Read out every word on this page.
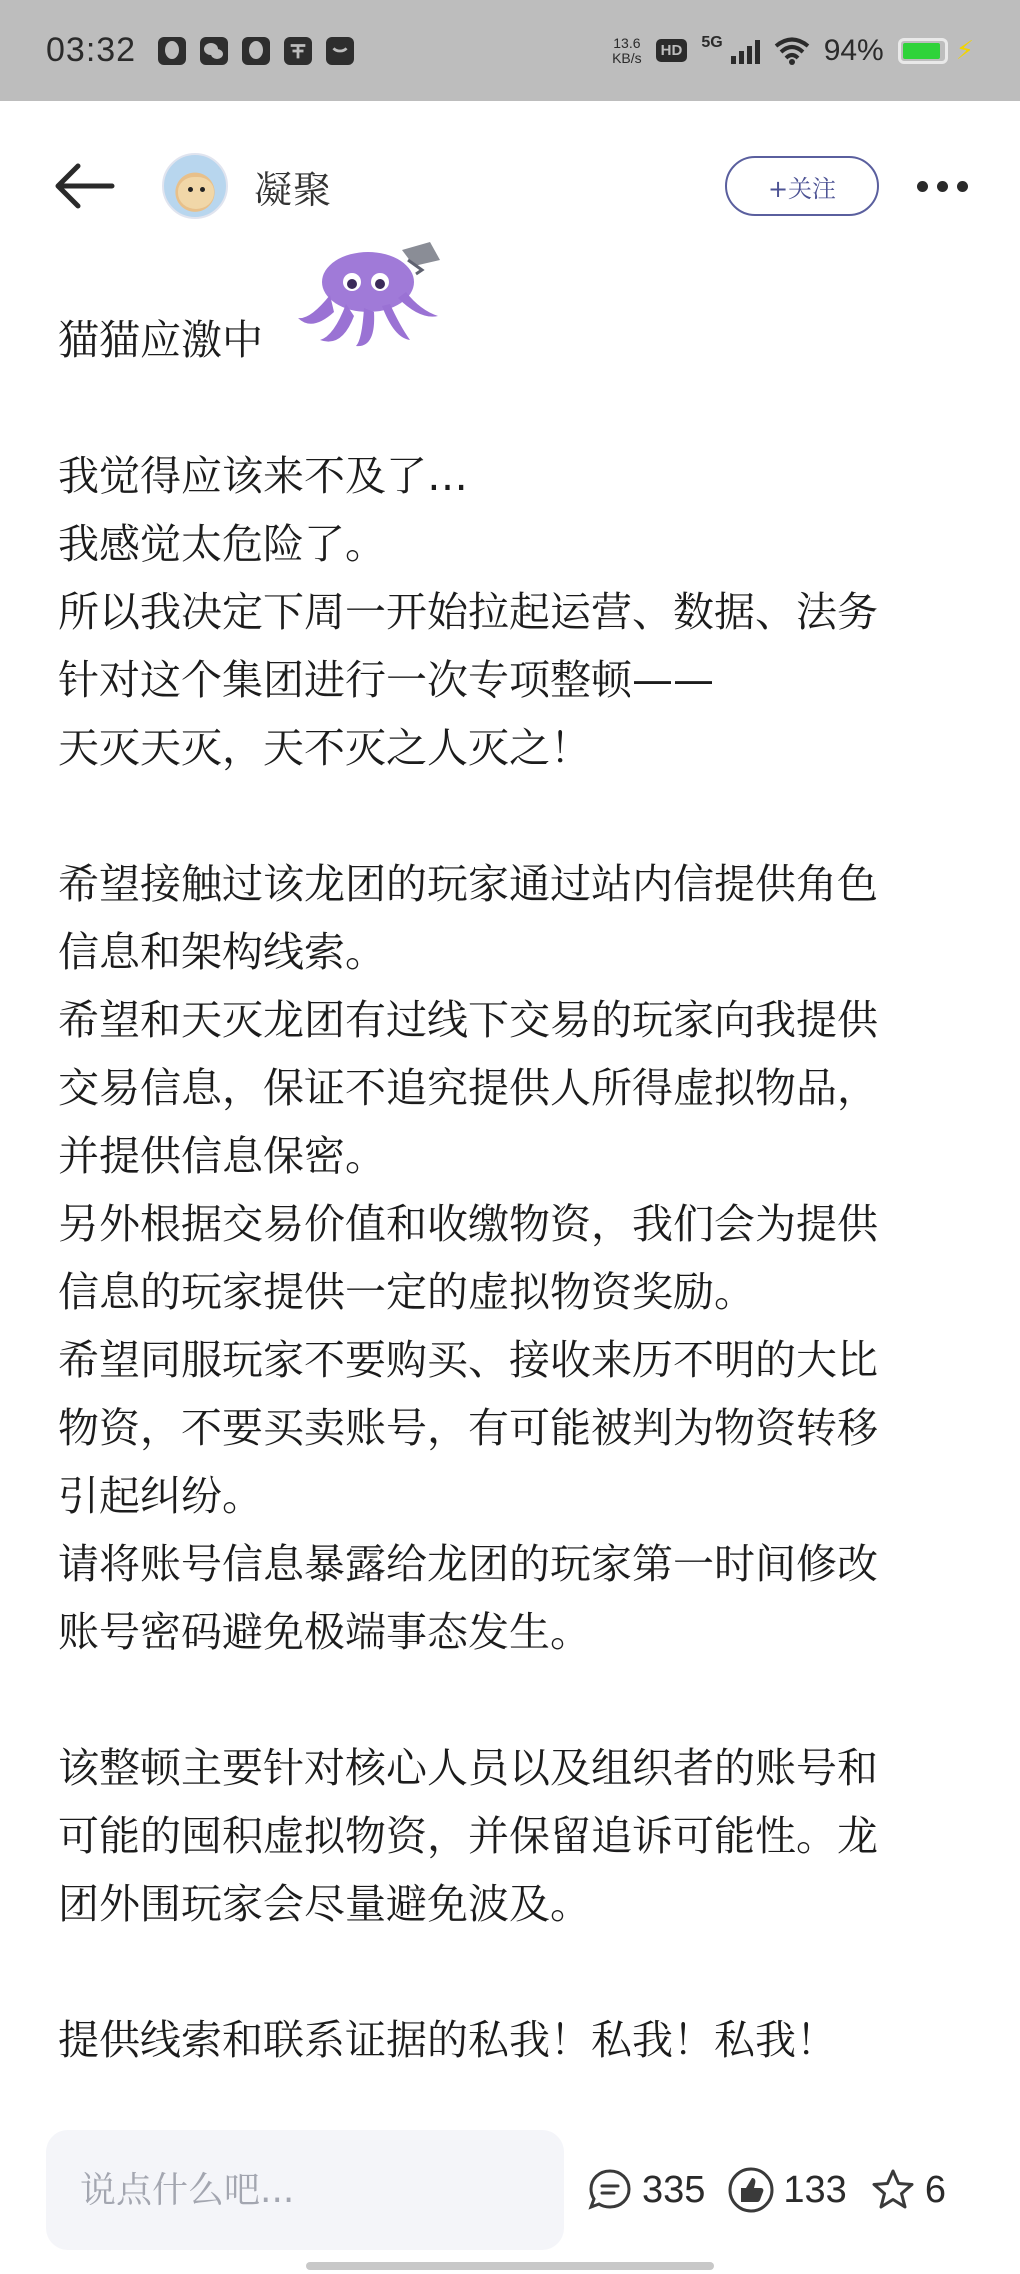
03:32	13.6
KB/s	HD	5G	94%	⚡
凝聚	+关注
猫猫应激中
我觉得应该来不及了…
我感觉太危险了。
所以我决定下周一开始拉起运营、数据、法务
针对这个集团进行一次专项整顿——
天灭天灭，天不灭之人灭之！
希望接触过该龙团的玩家通过站内信提供角色
信息和架构线索。
希望和天灭龙团有过线下交易的玩家向我提供
交易信息，保证不追究提供人所得虚拟物品，
并提供信息保密。
另外根据交易价值和收缴物资，我们会为提供
信息的玩家提供一定的虚拟物资奖励。
希望同服玩家不要购买、接收来历不明的大比
物资，不要买卖账号，有可能被判为物资转移
引起纠纷。
请将账号信息暴露给龙团的玩家第一时间修改
账号密码避免极端事态发生。
该整顿主要针对核心人员以及组织者的账号和
可能的囤积虚拟物资，并保留追诉可能性。龙
团外围玩家会尽量避免波及。
提供线索和联系证据的私我！私我！私我！
说点什么吧...
335 133 6
